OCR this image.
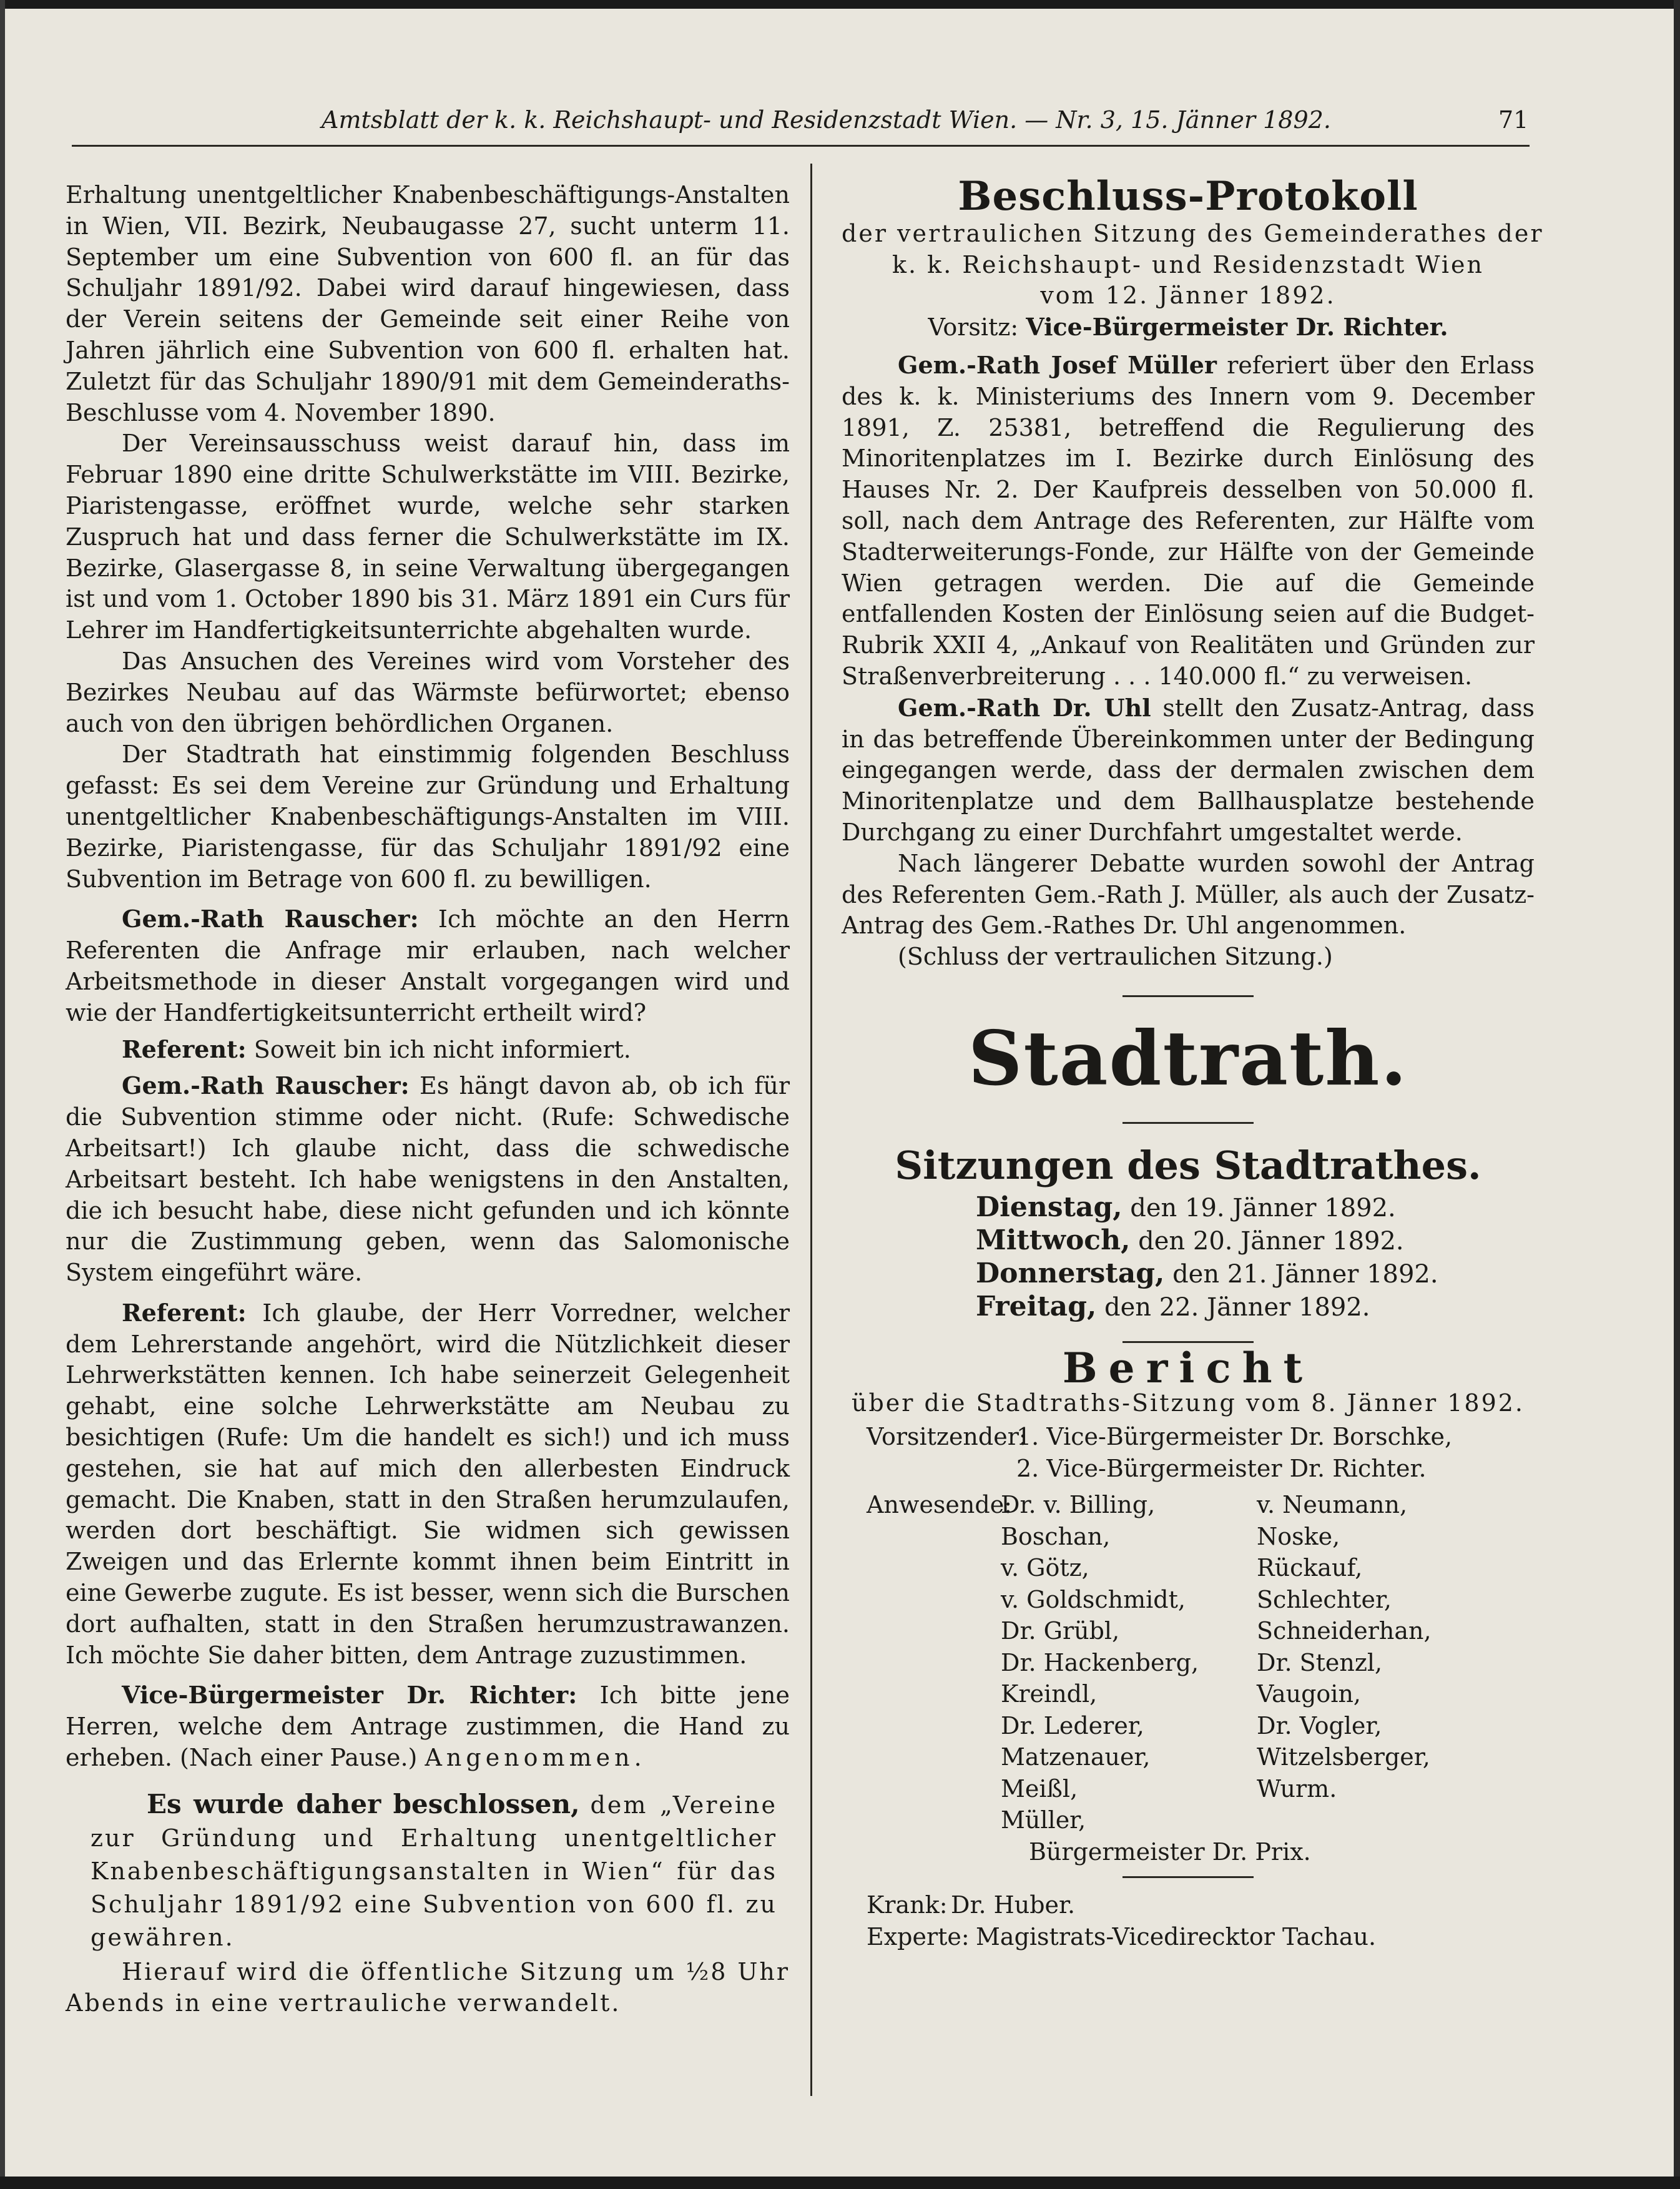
Amtsblatt der k. k. Reichshaupt- und Residenzstadt Wien. — Nr. 3, 15. Jänner 1892.	71

Erhaltung unentgeltlicher Knabenbeschäftigungs-Anstalten in Wien, VII. Bezirk, Neubaugasse 27, sucht unterm 11. September um eine Subvention von 600 fl. an für das Schuljahr 1891/92. Dabei wird darauf hingewiesen, dass der Verein seitens der Gemeinde seit einer Reihe von Jahren jährlich eine Subvention von 600 fl. erhalten hat. Zuletzt für das Schuljahr 1890/91 mit dem Gemeinderaths-Beschlusse vom 4. November 1890.

Der Vereinsausschuss weist darauf hin, dass im Februar 1890 eine dritte Schulwerkstätte im VIII. Bezirke, Piaristengasse, eröffnet wurde, welche sehr starken Zuspruch hat und dass ferner die Schulwerkstätte im IX. Bezirke, Glasergasse 8, in seine Verwaltung übergegangen ist und vom 1. October 1890 bis 31. März 1891 ein Curs für Lehrer im Handfertigkeitsunterrichte abgehalten wurde.

Das Ansuchen des Vereines wird vom Vorsteher des Bezirkes Neubau auf das Wärmste befürwortet; ebenso auch von den übrigen behördlichen Organen.

Der Stadtrath hat einstimmig folgenden Beschluss gefasst: Es sei dem Vereine zur Gründung und Erhaltung unentgeltlicher Knabenbeschäftigungs-Anstalten im VIII. Bezirke, Piaristengasse, für das Schuljahr 1891/92 eine Subvention im Betrage von 600 fl. zu bewilligen.

Gem.-Rath Rauscher: Ich möchte an den Herrn Referenten die Anfrage mir erlauben, nach welcher Arbeitsmethode in dieser Anstalt vorgegangen wird und wie der Handfertigkeitsunterricht ertheilt wird?

Referent: Soweit bin ich nicht informiert.

Gem.-Rath Rauscher: Es hängt davon ab, ob ich für die Subvention stimme oder nicht. (Rufe: Schwedische Arbeitsart!) Ich glaube nicht, dass die schwedische Arbeitsart besteht. Ich habe wenigstens in den Anstalten, die ich besucht habe, diese nicht gefunden und ich könnte nur die Zustimmung geben, wenn das Salomonische System eingeführt wäre.

Referent: Ich glaube, der Herr Vorredner, welcher dem Lehrerstande angehört, wird die Nützlichkeit dieser Lehrwerkstätten kennen. Ich habe seinerzeit Gelegenheit gehabt, eine solche Lehrwerkstätte am Neubau zu besichtigen (Rufe: Um die handelt es sich!) und ich muss gestehen, sie hat auf mich den allerbesten Eindruck gemacht. Die Knaben, statt in den Straßen herumzulaufen, werden dort beschäftigt. Sie widmen sich gewissen Zweigen und das Erlernte kommt ihnen beim Eintritt in eine Gewerbe zugute. Es ist besser, wenn sich die Burschen dort aufhalten, statt in den Straßen herumzustrawanzen. Ich möchte Sie daher bitten, dem Antrage zuzustimmen.

Vice-Bürgermeister Dr. Richter: Ich bitte jene Herren, welche dem Antrage zustimmen, die Hand zu erheben. (Nach einer Pause.) Angenommen.

Es wurde daher beschlossen, dem „Vereine zur Gründung und Erhaltung unentgeltlicher Knabenbeschäftigungsanstalten in Wien“ für das Schuljahr 1891/92 eine Subvention von 600 fl. zu gewähren.

Hierauf wird die öffentliche Sitzung um ½8 Uhr Abends in eine vertrauliche verwandelt.

Beschluss-Protokoll
der vertraulichen Sitzung des Gemeinderathes der
k. k. Reichshaupt- und Residenzstadt Wien
vom 12. Jänner 1892.
Vorsitz: Vice-Bürgermeister Dr. Richter.

Gem.-Rath Josef Müller referiert über den Erlass des k. k. Ministeriums des Innern vom 9. December 1891, Z. 25381, betreffend die Regulierung des Minoritenplatzes im I. Bezirke durch Einlösung des Hauses Nr. 2. Der Kaufpreis desselben von 50.000 fl. soll, nach dem Antrage des Referenten, zur Hälfte vom Stadterweiterungs-Fonde, zur Hälfte von der Gemeinde Wien getragen werden. Die auf die Gemeinde entfallenden Kosten der Einlösung seien auf die Budget-Rubrik XXII 4, „Ankauf von Realitäten und Gründen zur Straßenverbreiterung . . . 140.000 fl.“ zu verweisen.

Gem.-Rath Dr. Uhl stellt den Zusatz-Antrag, dass in das betreffende Übereinkommen unter der Bedingung eingegangen werde, dass der dermalen zwischen dem Minoritenplatze und dem Ballhausplatze bestehende Durchgang zu einer Durchfahrt umgestaltet werde.

Nach längerer Debatte wurden sowohl der Antrag des Referenten Gem.-Rath J. Müller, als auch der Zusatz-Antrag des Gem.-Rathes Dr. Uhl angenommen.

(Schluss der vertraulichen Sitzung.)

Stadtrath.
Sitzungen des Stadtrathes.
Dienstag, den 19. Jänner 1892.
Mittwoch, den 20. Jänner 1892.
Donnerstag, den 21. Jänner 1892.
Freitag, den 22. Jänner 1892.
Bericht
über die Stadtraths-Sitzung vom 8. Jänner 1892.
Vorsitzender:
1. Vice-Bürgermeister Dr. Borschke,
2. Vice-Bürgermeister Dr. Richter.
Anwesende:
Dr. v. Billing,	v. Neumann,
Boschan,	Noske,
v. Götz,	Rückauf,
v. Goldschmidt,	Schlechter,
Dr. Grübl,	Schneiderhan,
Dr. Hackenberg, Dr. Stenzl,
Kreindl,	Vaugoin,
Dr. Lederer,	Dr. Vogler,
Matzenauer,	Witzelsberger,
Meißl,	Wurm.
Müller,
Bürgermeister Dr. Prix.
Krank: Dr. Huber.
Experte: Magistrats-Vicedirecktor Tachau.
